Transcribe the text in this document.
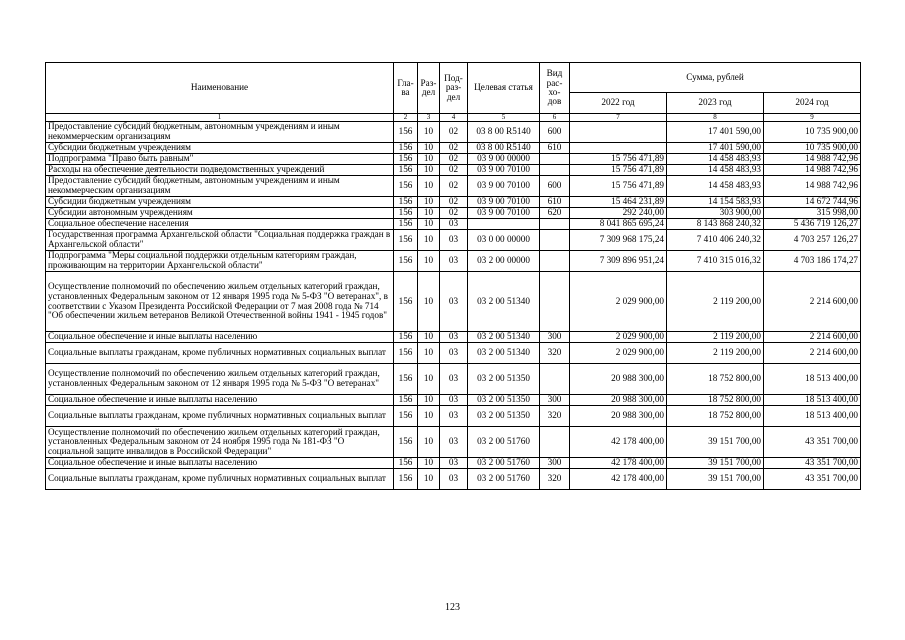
Наименование	Гла-ва	Раз-дел	Под-раз-дел	Целевая статья	Вид рас-хо-дов	Сумма, рублей		
						2022 год	2023 год	2024 год
1	2	3	4	5	6	7	8	9
Предоставление субсидий бюджетным, автономным учреждениям и иным некоммерческим организациям	156	10	02	03 8 00 R5140	600		17 401 590,00	10 735 900,00
Субсидии бюджетным учреждениям	156	10	02	03 8 00 R5140	610		17 401 590,00	10 735 900,00
Подпрограмма "Право быть равным"	156	10	02	03 9 00 00000		15 756 471,89	14 458 483,93	14 988 742,96
Расходы на обеспечение деятельности подведомственных учреждений	156	10	02	03 9 00 70100		15 756 471,89	14 458 483,93	14 988 742,96
Предоставление субсидий бюджетным, автономным учреждениям и иным некоммерческим организациям	156	10	02	03 9 00 70100	600	15 756 471,89	14 458 483,93	14 988 742,96
Субсидии бюджетным учреждениям	156	10	02	03 9 00 70100	610	15 464 231,89	14 154 583,93	14 672 744,96
Субсидии автономным учреждениям	156	10	02	03 9 00 70100	620	292 240,00	303 900,00	315 998,00
Социальное обеспечение населения	156	10	03			8 041 865 695,24	8 143 868 240,32	5 436 719 126,27
Государственная программа Архангельской области "Социальная поддержка граждан в Архангельской области"	156	10	03	03 0 00 00000		7 309 968 175,24	7 410 406 240,32	4 703 257 126,27
Подпрограмма "Меры социальной поддержки отдельным категориям граждан, проживающим на территории Архангельской области"	156	10	03	03 2 00 00000		7 309 896 951,24	7 410 315 016,32	4 703 186 174,27
Осуществление полномочий по обеспечению жильем отдельных категорий граждан, установленных Федеральным законом от 12 января 1995 года № 5-ФЗ "О ветеранах", в соответствии с Указом Президента Российской Федерации от 7 мая 2008 года № 714 "Об обеспечении жильем ветеранов Великой Отечественной войны 1941 - 1945 годов"	156	10	03	03 2 00 51340		2 029 900,00	2 119 200,00	2 214 600,00
Социальное обеспечение и иные выплаты населению	156	10	03	03 2 00 51340	300	2 029 900,00	2 119 200,00	2 214 600,00
Социальные выплаты гражданам, кроме публичных нормативных социальных выплат	156	10	03	03 2 00 51340	320	2 029 900,00	2 119 200,00	2 214 600,00
Осуществление полномочий по обеспечению жильем отдельных категорий граждан, установленных Федеральным законом от 12 января 1995 года № 5-ФЗ "О ветеранах"	156	10	03	03 2 00 51350		20 988 300,00	18 752 800,00	18 513 400,00
Социальное обеспечение и иные выплаты населению	156	10	03	03 2 00 51350	300	20 988 300,00	18 752 800,00	18 513 400,00
Социальные выплаты гражданам, кроме публичных нормативных социальных выплат	156	10	03	03 2 00 51350	320	20 988 300,00	18 752 800,00	18 513 400,00
Осуществление полномочий по обеспечению жильем отдельных категорий граждан, установленных Федеральным законом от 24 ноября 1995 года № 181-ФЗ "О социальной защите инвалидов в Российской Федерации"	156	10	03	03 2 00 51760		42 178 400,00	39 151 700,00	43 351 700,00
Социальное обеспечение и иные выплаты населению	156	10	03	03 2 00 51760	300	42 178 400,00	39 151 700,00	43 351 700,00
Социальные выплаты гражданам, кроме публичных нормативных социальных выплат	156	10	03	03 2 00 51760	320	42 178 400,00	39 151 700,00	43 351 700,00
123
